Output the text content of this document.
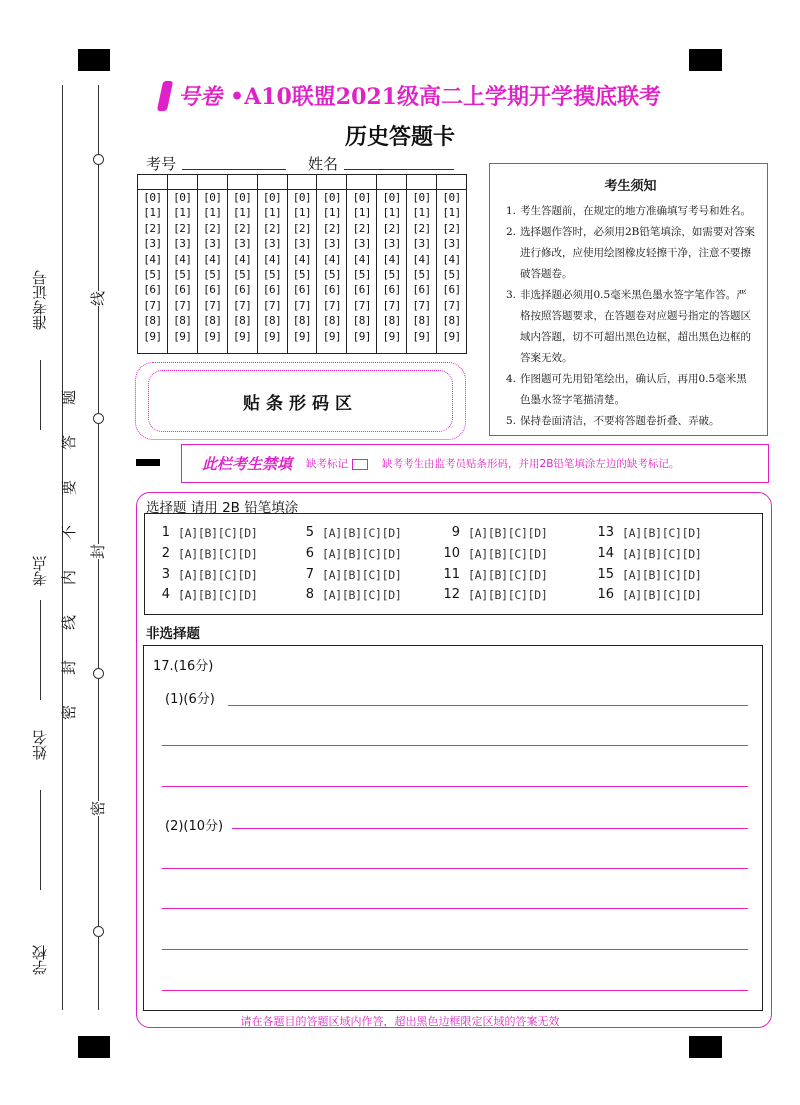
准考证号
考点
姓名
学校
题
答
要
不
内
线
封
密
线
封
密
号卷 •A10联盟2021级高二上学期开学摸底联考
历史答题卡
考号	姓名
[0]
[1]
[2]
[3]
[4]
[5]
[6]
[7]
[8]
[9]
[0]
[1]
[2]
[3]
[4]
[5]
[6]
[7]
[8]
[9]
[0]
[1]
[2]
[3]
[4]
[5]
[6]
[7]
[8]
[9]
[0]
[1]
[2]
[3]
[4]
[5]
[6]
[7]
[8]
[9]
[0]
[1]
[2]
[3]
[4]
[5]
[6]
[7]
[8]
[9]
[0]
[1]
[2]
[3]
[4]
[5]
[6]
[7]
[8]
[9]
[0]
[1]
[2]
[3]
[4]
[5]
[6]
[7]
[8]
[9]
[0]
[1]
[2]
[3]
[4]
[5]
[6]
[7]
[8]
[9]
[0]
[1]
[2]
[3]
[4]
[5]
[6]
[7]
[8]
[9]
[0]
[1]
[2]
[3]
[4]
[5]
[6]
[7]
[8]
[9]
[0]
[1]
[2]
[3]
[4]
[5]
[6]
[7]
[8]
[9]
考生须知
1. 考生答题前，在规定的地方准确填写考号和姓名。
2. 选择题作答时，必须用2B铅笔填涂，如需要对答案进行修改，应使用绘图橡皮轻擦干净，注意不要擦破答题卷。
3. 非选择题必须用0.5毫米黑色墨水签字笔作答。严格按照答题要求，在答题卷对应题号指定的答题区域内答题，切不可超出黑色边框，超出黑色边框的答案无效。
4. 作图题可先用铅笔绘出，确认后，再用0.5毫米黑色墨水签字笔描清楚。
5. 保持卷面清洁，不要将答题卷折叠、弄破。
贴条形码区
此栏考生禁填 缺考标记	缺考考生由监考员贴条形码，并用2B铅笔填涂左边的缺考标记。
选择题 请用 2B 铅笔填涂
1 [A][B][C][D]
2 [A][B][C][D]
3 [A][B][C][D]
4 [A][B][C][D]
5 [A][B][C][D]
6 [A][B][C][D]
7 [A][B][C][D]
8 [A][B][C][D]
9 [A][B][C][D]
10 [A][B][C][D]
11 [A][B][C][D]
12 [A][B][C][D]
13 [A][B][C][D]
14 [A][B][C][D]
15 [A][B][C][D]
16 [A][B][C][D]
非选择题
17.(16分)
(1)(6分)
(2)(10分)
请在各题目的答题区域内作答，超出黑色边框限定区域的答案无效
